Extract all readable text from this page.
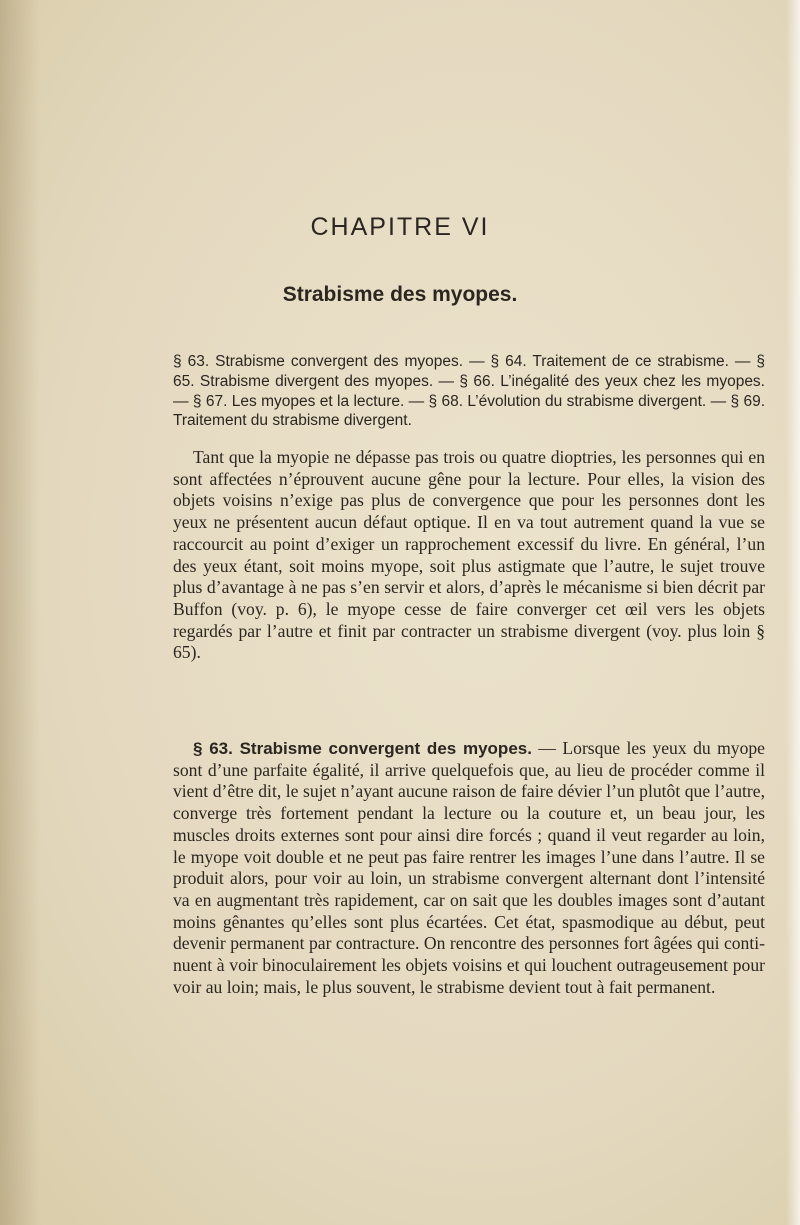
CHAPITRE VI
Strabisme des myopes.

§ 63. Strabisme convergent des myopes. — § 64. Traitement de ce strabisme. — § 65. Strabisme divergent des myopes. — § 66. L’inégalité des yeux chez les myopes. — § 67. Les myopes et la lecture. — § 68. L’évolution du strabisme divergent. — § 69. Traitement du strabisme divergent.

Tant que la myopie ne dépasse pas trois ou quatre dioptries, les personnes qui en sont affectées n’éprouvent aucune gêne pour la lecture. Pour elles, la vision des objets voisins n’exige pas plus de convergence que pour les personnes dont les yeux ne présentent aucun défaut optique. Il en va tout autrement quand la vue se raccourcit au point d’exiger un rapprochement excessif du livre. En général, l’un des yeux étant, soit moins myope, soit plus astigmate que l’autre, le sujet trouve plus d’avantage à ne pas s’en servir et alors, d’après le mécanisme si bien décrit par Buffon (voy. p. 6), le myope cesse de faire converger cet œil vers les objets regardés par l’autre et finit par contracter un strabisme divergent (voy. plus loin § 65).

§ 63. Strabisme convergent des myopes. — Lorsque les yeux du myope sont d’une parfaite égalité, il arrive quelquefois que, au lieu de procéder comme il vient d’être dit, le sujet n’ayant aucune raison de faire dévier l’un plutôt que l’autre, converge très fortement pendant la lecture ou la couture et, un beau jour, les muscles droits externes sont pour ainsi dire forcés ; quand il veut regarder au loin, le myope voit double et ne peut pas faire rentrer les images l’une dans l’autre. Il se produit alors, pour voir au loin, un strabisme convergent alternant dont l’intensité va en augmentant très rapidement, car on sait que les doubles images sont d’autant moins gênantes qu’elles sont plus écartées. Cet état, spasmodique au début, peut devenir permanent par contracture. On rencontre des personnes fort âgées qui continuent à voir binoculairement les objets voisins et qui louchent outrageusement pour voir au loin; mais, le plus souvent, le strabisme devient tout à fait permanent.
